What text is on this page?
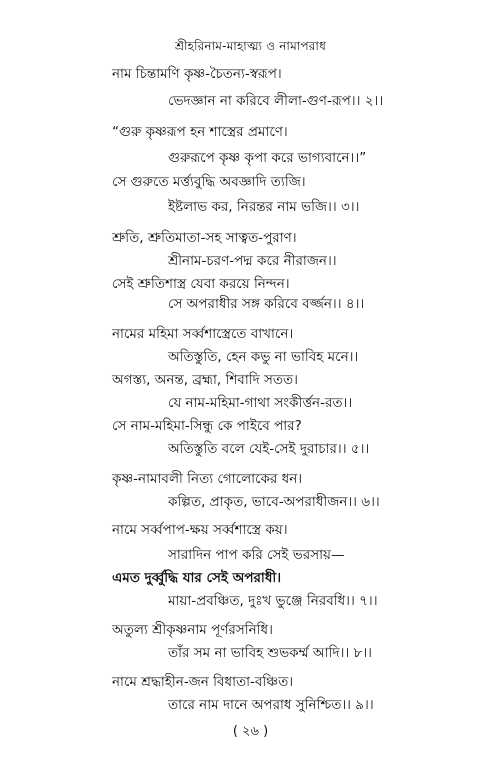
শ্রীহরিনাম-মাহাত্ম্য ও নামাপরাধ
নাম চিন্তামণি কৃষ্ণ-চৈতন্য-স্বরূপ।
ভেদজ্ঞান না করিবে লীলা-গুণ-রূপ।। ২।।
“গুরু কৃষ্ণরূপ হন শাস্ত্রের প্রমাণে।
গুরুরূপে কৃষ্ণ কৃপা করে ভাগ্যবানে।।”
সে গুরুতে মর্ত্ত্যবুদ্ধি অবজ্ঞাদি ত্যজি।
ইষ্টলাভ কর, নিরন্তর নাম ভজি।। ৩।।
শ্রুতি, শ্রুতিমাতা-সহ সাত্বত-পুরাণ।
শ্রীনাম-চরণ-পদ্ম করে নীরাজন।।
সেই শ্রুতিশাস্ত্র যেবা করয়ে নিন্দন।
সে অপরাধীর সঙ্গ করিবে বর্জ্জন।। ৪।।
নামের মহিমা সর্ব্বশাস্ত্রেতে বাখানে।
অতিস্তুতি, হেন কভু না ভাবিহ মনে।।
অগস্ত্য, অনন্ত, ব্রহ্মা, শিবাদি সতত।
যে নাম-মহিমা-গাথা সংকীর্ত্তন-রত।।
সে নাম-মহিমা-সিন্ধু কে পাইবে পার?
অতিস্তুতি বলে যেই-সেই দুরাচার।। ৫।।
কৃষ্ণ-নামাবলী নিত্য গোলোকের ধন।
কল্পিত, প্রাকৃত, ভাবে-অপরাধীজন।। ৬।।
নামে সর্ব্বপাপ-ক্ষয় সর্ব্বশাস্ত্রে কয়।
সারাদিন পাপ করি সেই ভরসায়—
এমত দুর্ব্বুদ্ধি যার সেই অপরাধী।
মায়া-প্রবঞ্চিত, দুঃখ ভুঞ্জে নিরবধি।। ৭।।
অতুল্য শ্রীকৃষ্ণনাম পূর্ণরসনিধি।
তাঁর সম না ভাবিহ শুভকর্ম্ম আদি।। ৮।।
নামে শ্রদ্ধাহীন-জন বিধাতা-বঞ্চিত।
তারে নাম দানে অপরাধ সুনিশ্চিত।। ৯।।
( ২৬ )
